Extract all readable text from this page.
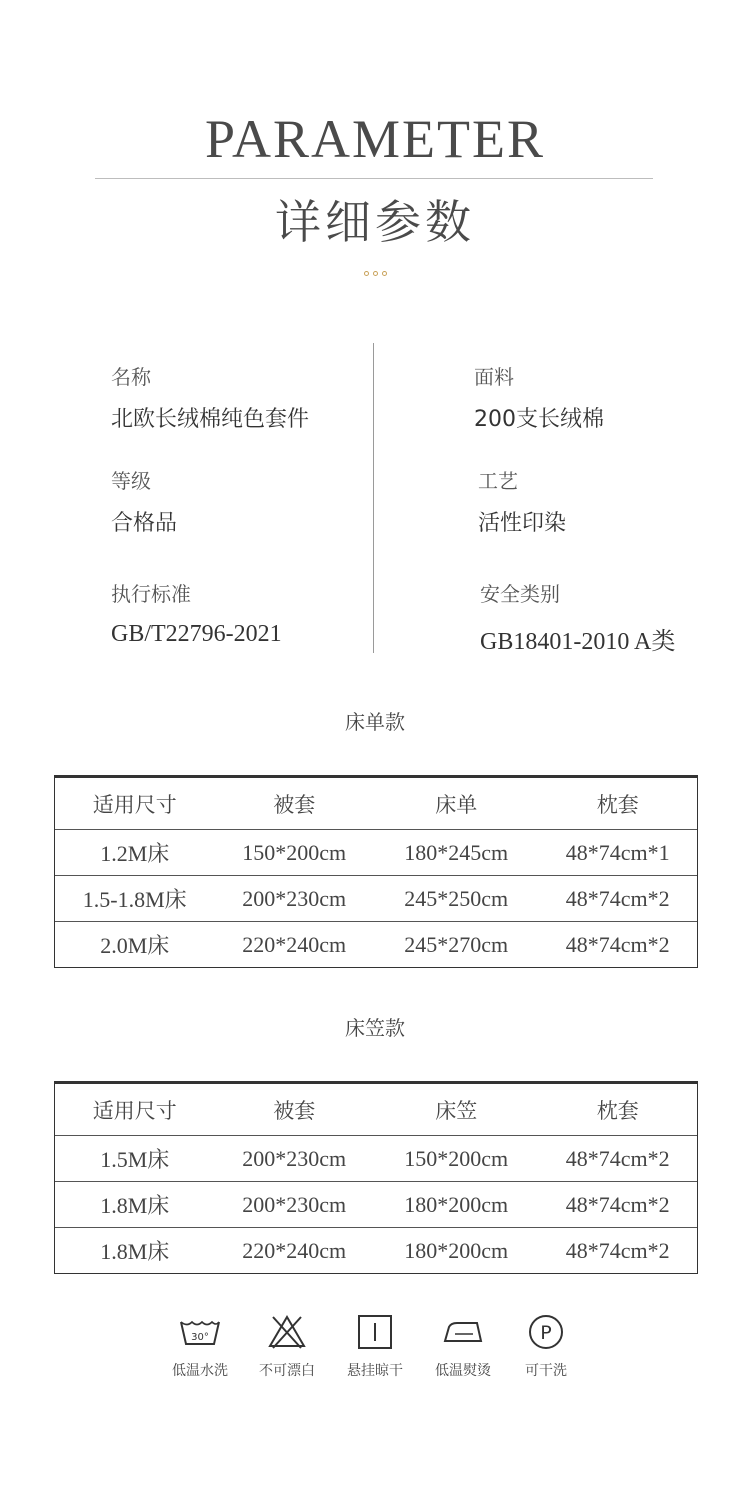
PARAMETER
详细参数
名称
北欧长绒棉纯色套件
面料
200支长绒棉
等级
合格品
工艺
活性印染
执行标准
GB/T22796-2021
安全类别
GB18401-2010 A类
床单款
适用尺寸	被套	床单	枕套
1.2M床	150*200cm	180*245cm	48*74cm*1
1.5-1.8M床	200*230cm	245*250cm	48*74cm*2
2.0M床	220*240cm	245*270cm	48*74cm*2
床笠款
适用尺寸	被套	床笠	枕套
1.5M床	200*230cm	150*200cm	48*74cm*2
1.8M床	200*230cm	180*200cm	48*74cm*2
1.8M床	220*240cm	180*200cm	48*74cm*2
30°
低温水洗	不可漂白	悬挂晾干	低温熨烫
P
可干洗
